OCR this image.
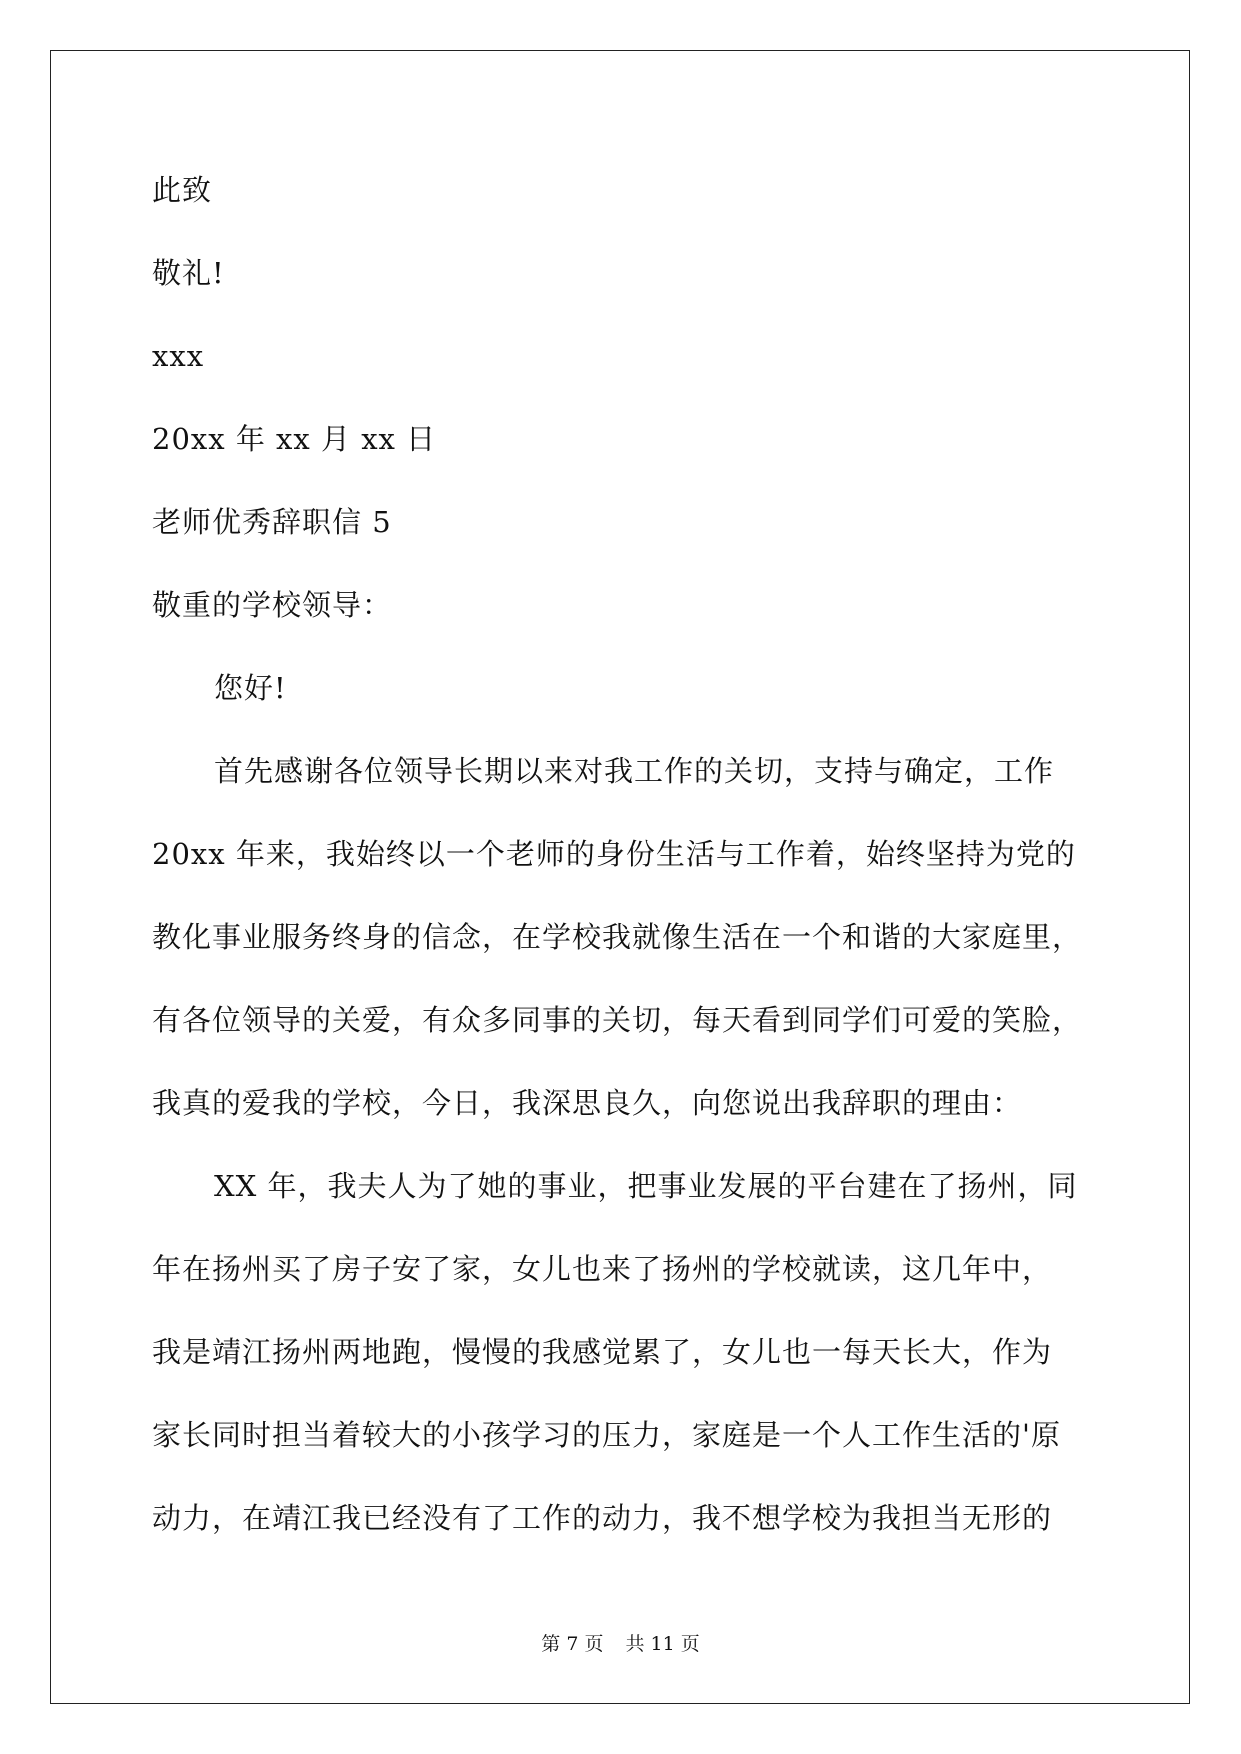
此致
敬礼!
xxx
20xx 年 xx 月 xx 日
老师优秀辞职信 5
敬重的学校领导：
您好!
首先感谢各位领导长期以来对我工作的关切，支持与确定，工作
20xx 年来，我始终以一个老师的身份生活与工作着，始终坚持为党的
教化事业服务终身的信念，在学校我就像生活在一个和谐的大家庭里，
有各位领导的关爱，有众多同事的关切，每天看到同学们可爱的笑脸，
我真的爱我的学校，今日，我深思良久，向您说出我辞职的理由：
XX 年，我夫人为了她的事业，把事业发展的平台建在了扬州，同
年在扬州买了房子安了家，女儿也来了扬州的学校就读，这几年中，
我是靖江扬州两地跑，慢慢的我感觉累了，女儿也一每天长大，作为
家长同时担当着较大的小孩学习的压力，家庭是一个人工作生活的'原
动力，在靖江我已经没有了工作的动力，我不想学校为我担当无形的
第 7 页 共 11 页
